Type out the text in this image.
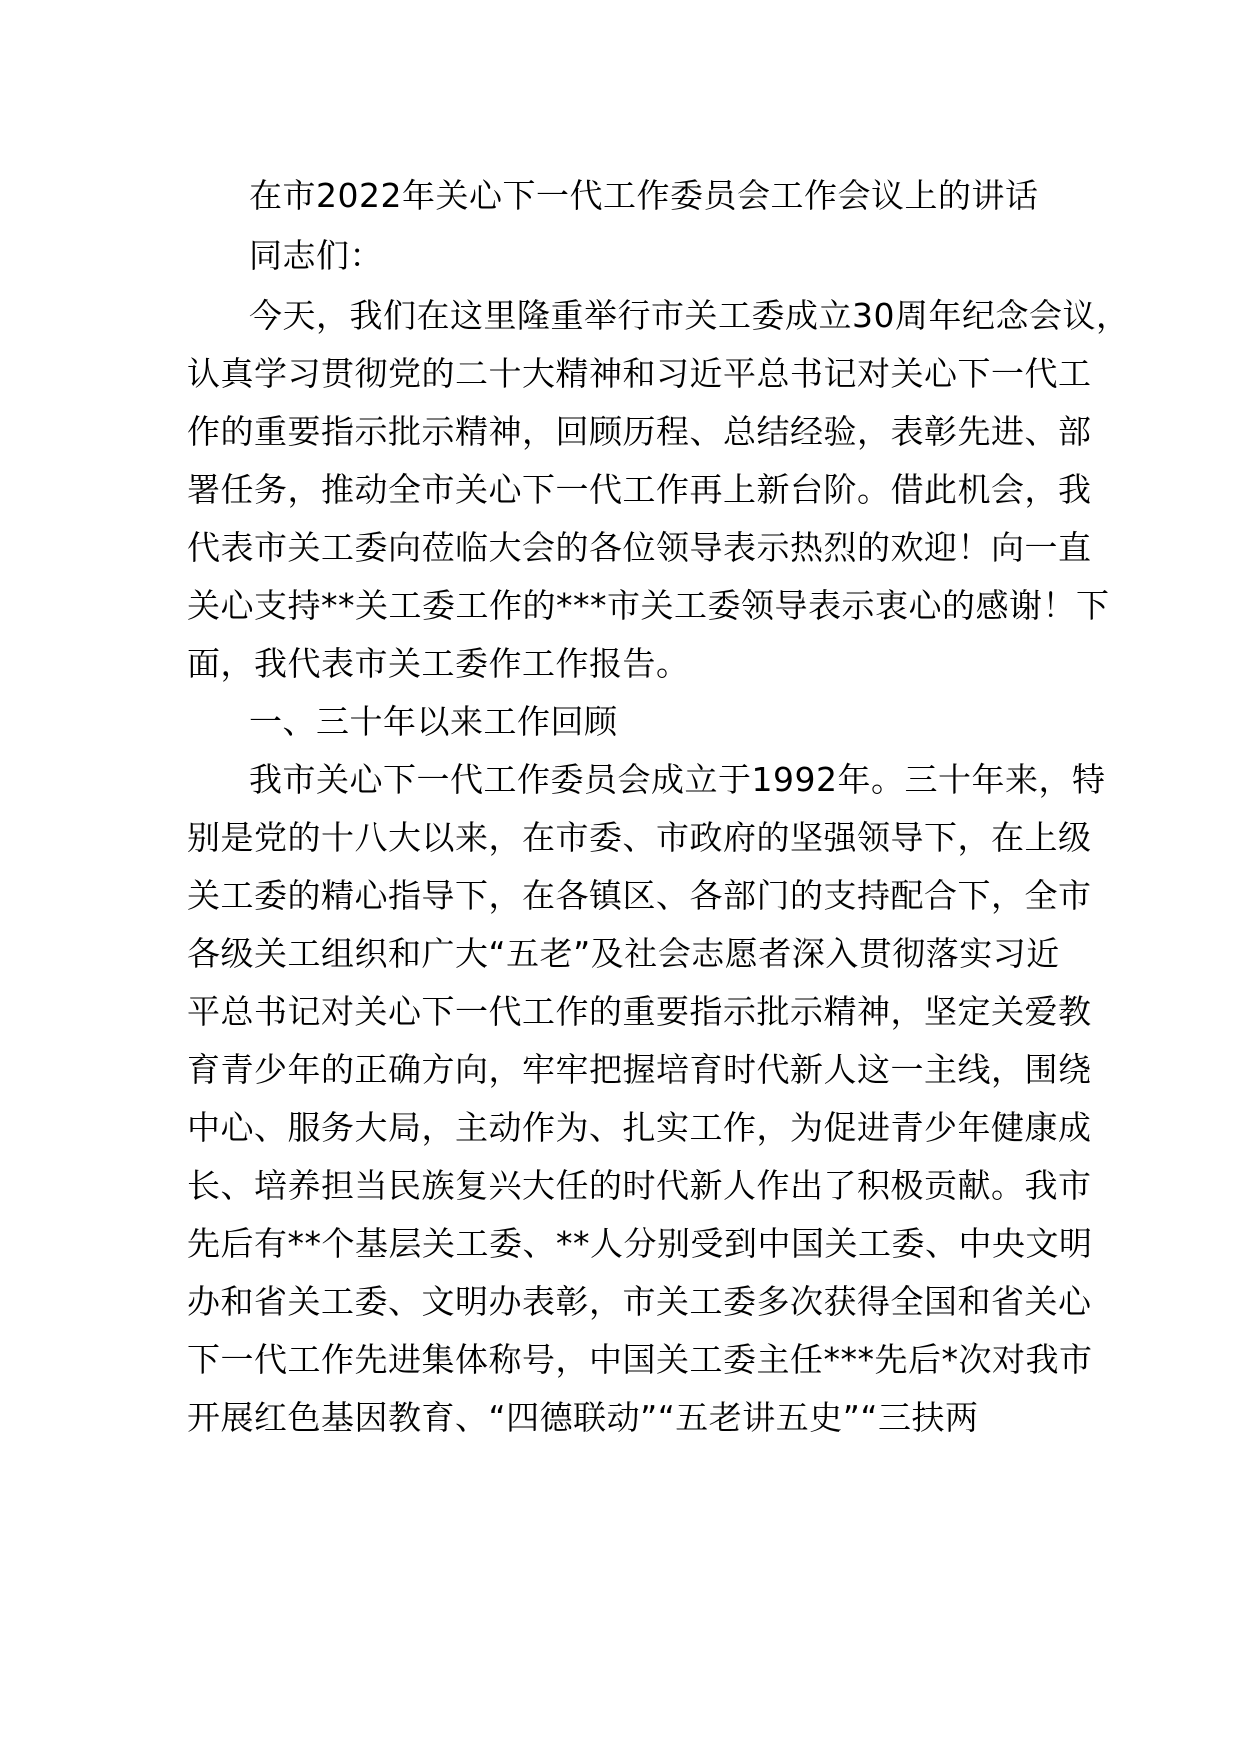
在市2022年关心下一代工作委员会工作会议上的讲话
同志们：
今天，我们在这里隆重举行市关工委成立30周年纪念会议，
认真学习贯彻党的二十大精神和习近平总书记对关心下一代工
作的重要指示批示精神，回顾历程、总结经验，表彰先进、部
署任务，推动全市关心下一代工作再上新台阶。借此机会，我
代表市关工委向莅临大会的各位领导表示热烈的欢迎！向一直
关心支持**关工委工作的***市关工委领导表示衷心的感谢！下
面，我代表市关工委作工作报告。
一、三十年以来工作回顾
我市关心下一代工作委员会成立于1992年。三十年来，特
别是党的十八大以来，在市委、市政府的坚强领导下，在上级
关工委的精心指导下，在各镇区、各部门的支持配合下，全市
各级关工组织和广大“五老”及社会志愿者深入贯彻落实习近
平总书记对关心下一代工作的重要指示批示精神，坚定关爱教
育青少年的正确方向，牢牢把握培育时代新人这一主线，围绕
中心、服务大局，主动作为、扎实工作，为促进青少年健康成
长、培养担当民族复兴大任的时代新人作出了积极贡献。我市
先后有**个基层关工委、**人分别受到中国关工委、中央文明
办和省关工委、文明办表彰，市关工委多次获得全国和省关心
下一代工作先进集体称号，中国关工委主任***先后*次对我市
开展红色基因教育、“四德联动”“五老讲五史”“三扶两
